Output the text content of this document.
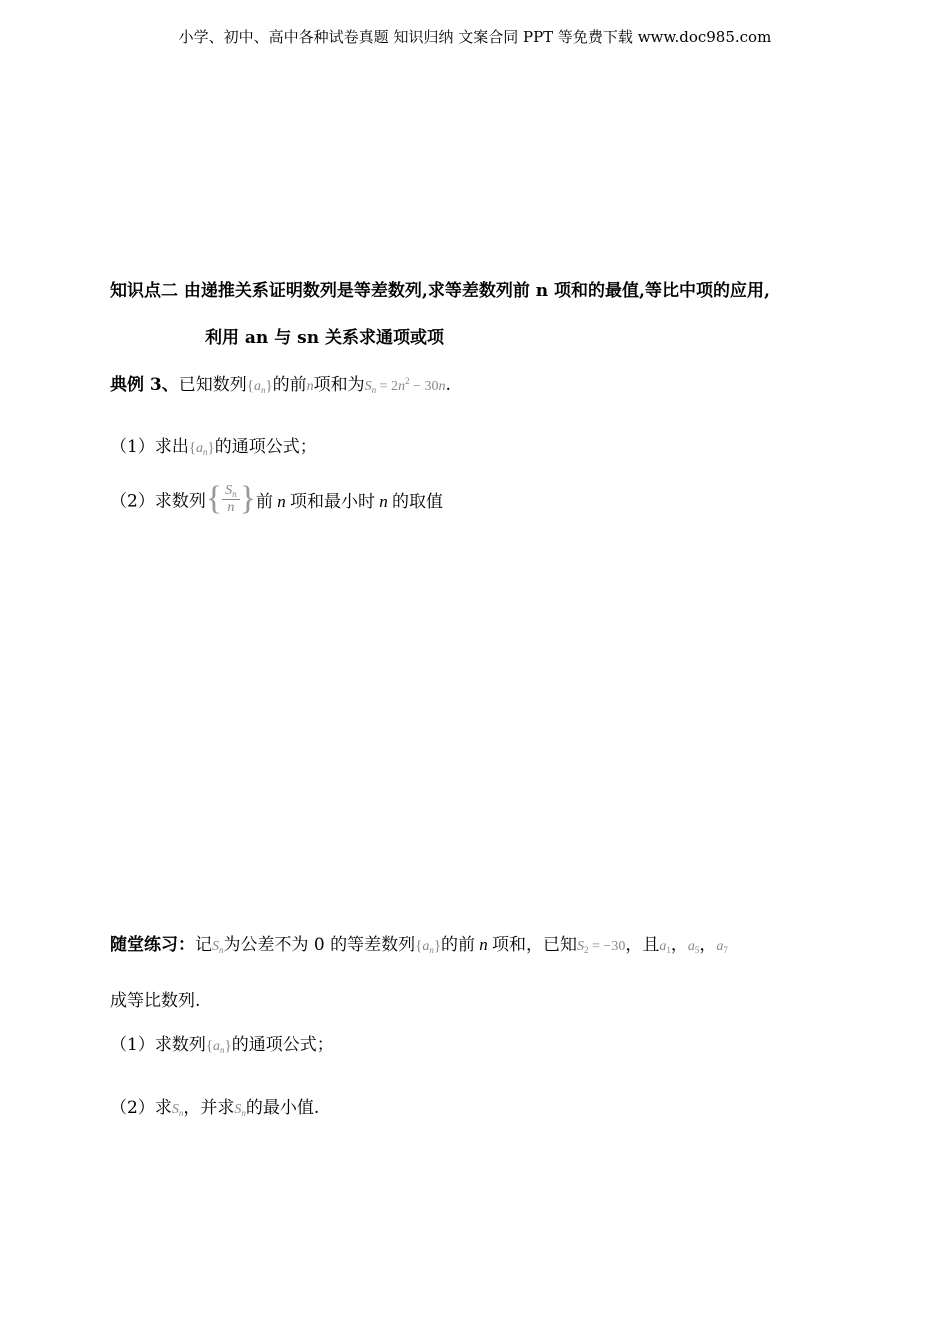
小学、初中、高中各种试卷真题 知识归纳 文案合同 PPT 等免费下载 www.doc985.com
知识点二 由递推关系证明数列是等差数列,求等差数列前 n 项和的最值,等比中项的应用,
利用 an 与 sn 关系求通项或项
典例 3、已知数列$\{a_n\}$的前n项和为$S_n = 2n^2 - 30n$.
（1）求出$\{a_n\}$的通项公式；
（2）求数列{ $\frac{S_n}{n}$ }前 n 项和最小时 n 的取值
随堂练习：记$S_n$为公差不为 0 的等差数列$\{a_n\}$的前 n 项和，已知$S_2 = -30$，且$a_1$，$a_5$，$a_7$
成等比数列.
（1）求数列$\{a_n\}$的通项公式；
（2）求$S_n$，并求$S_n$的最小值.
